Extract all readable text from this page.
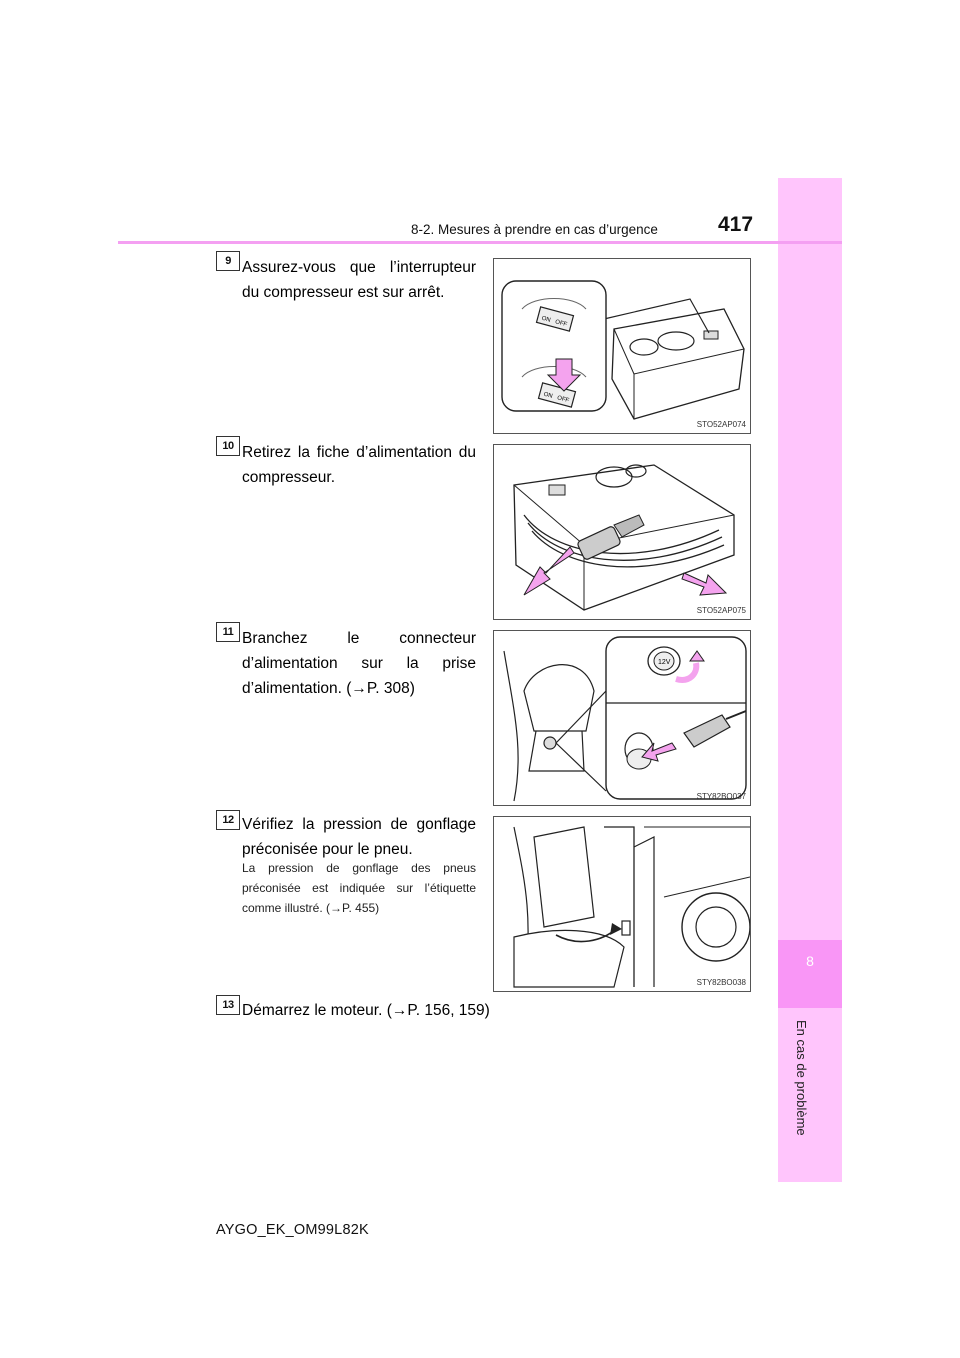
8-2. Mesures à prendre en cas d’urgence	417
8
En cas de problème
9 Assurez-vous que l’interrupteur du compresseur est sur arrêt.
ON OFF
ON OFF
STO52AP074
10 Retirez la fiche d’alimentation du compresseur.
STO52AP075
11 Branchez le connecteur d’alimentation sur la prise d’alimentation. (→P. 308)
12V
STY82BO037
12 Vérifiez la pression de gonflage préconisée pour le pneu.
La pression de gonflage des pneus préconisée est indiquée sur l’étiquette comme illustré. (→P. 455)
STY82BO038
13 Démarrez le moteur. (→P. 156, 159)
AYGO_EK_OM99L82K
